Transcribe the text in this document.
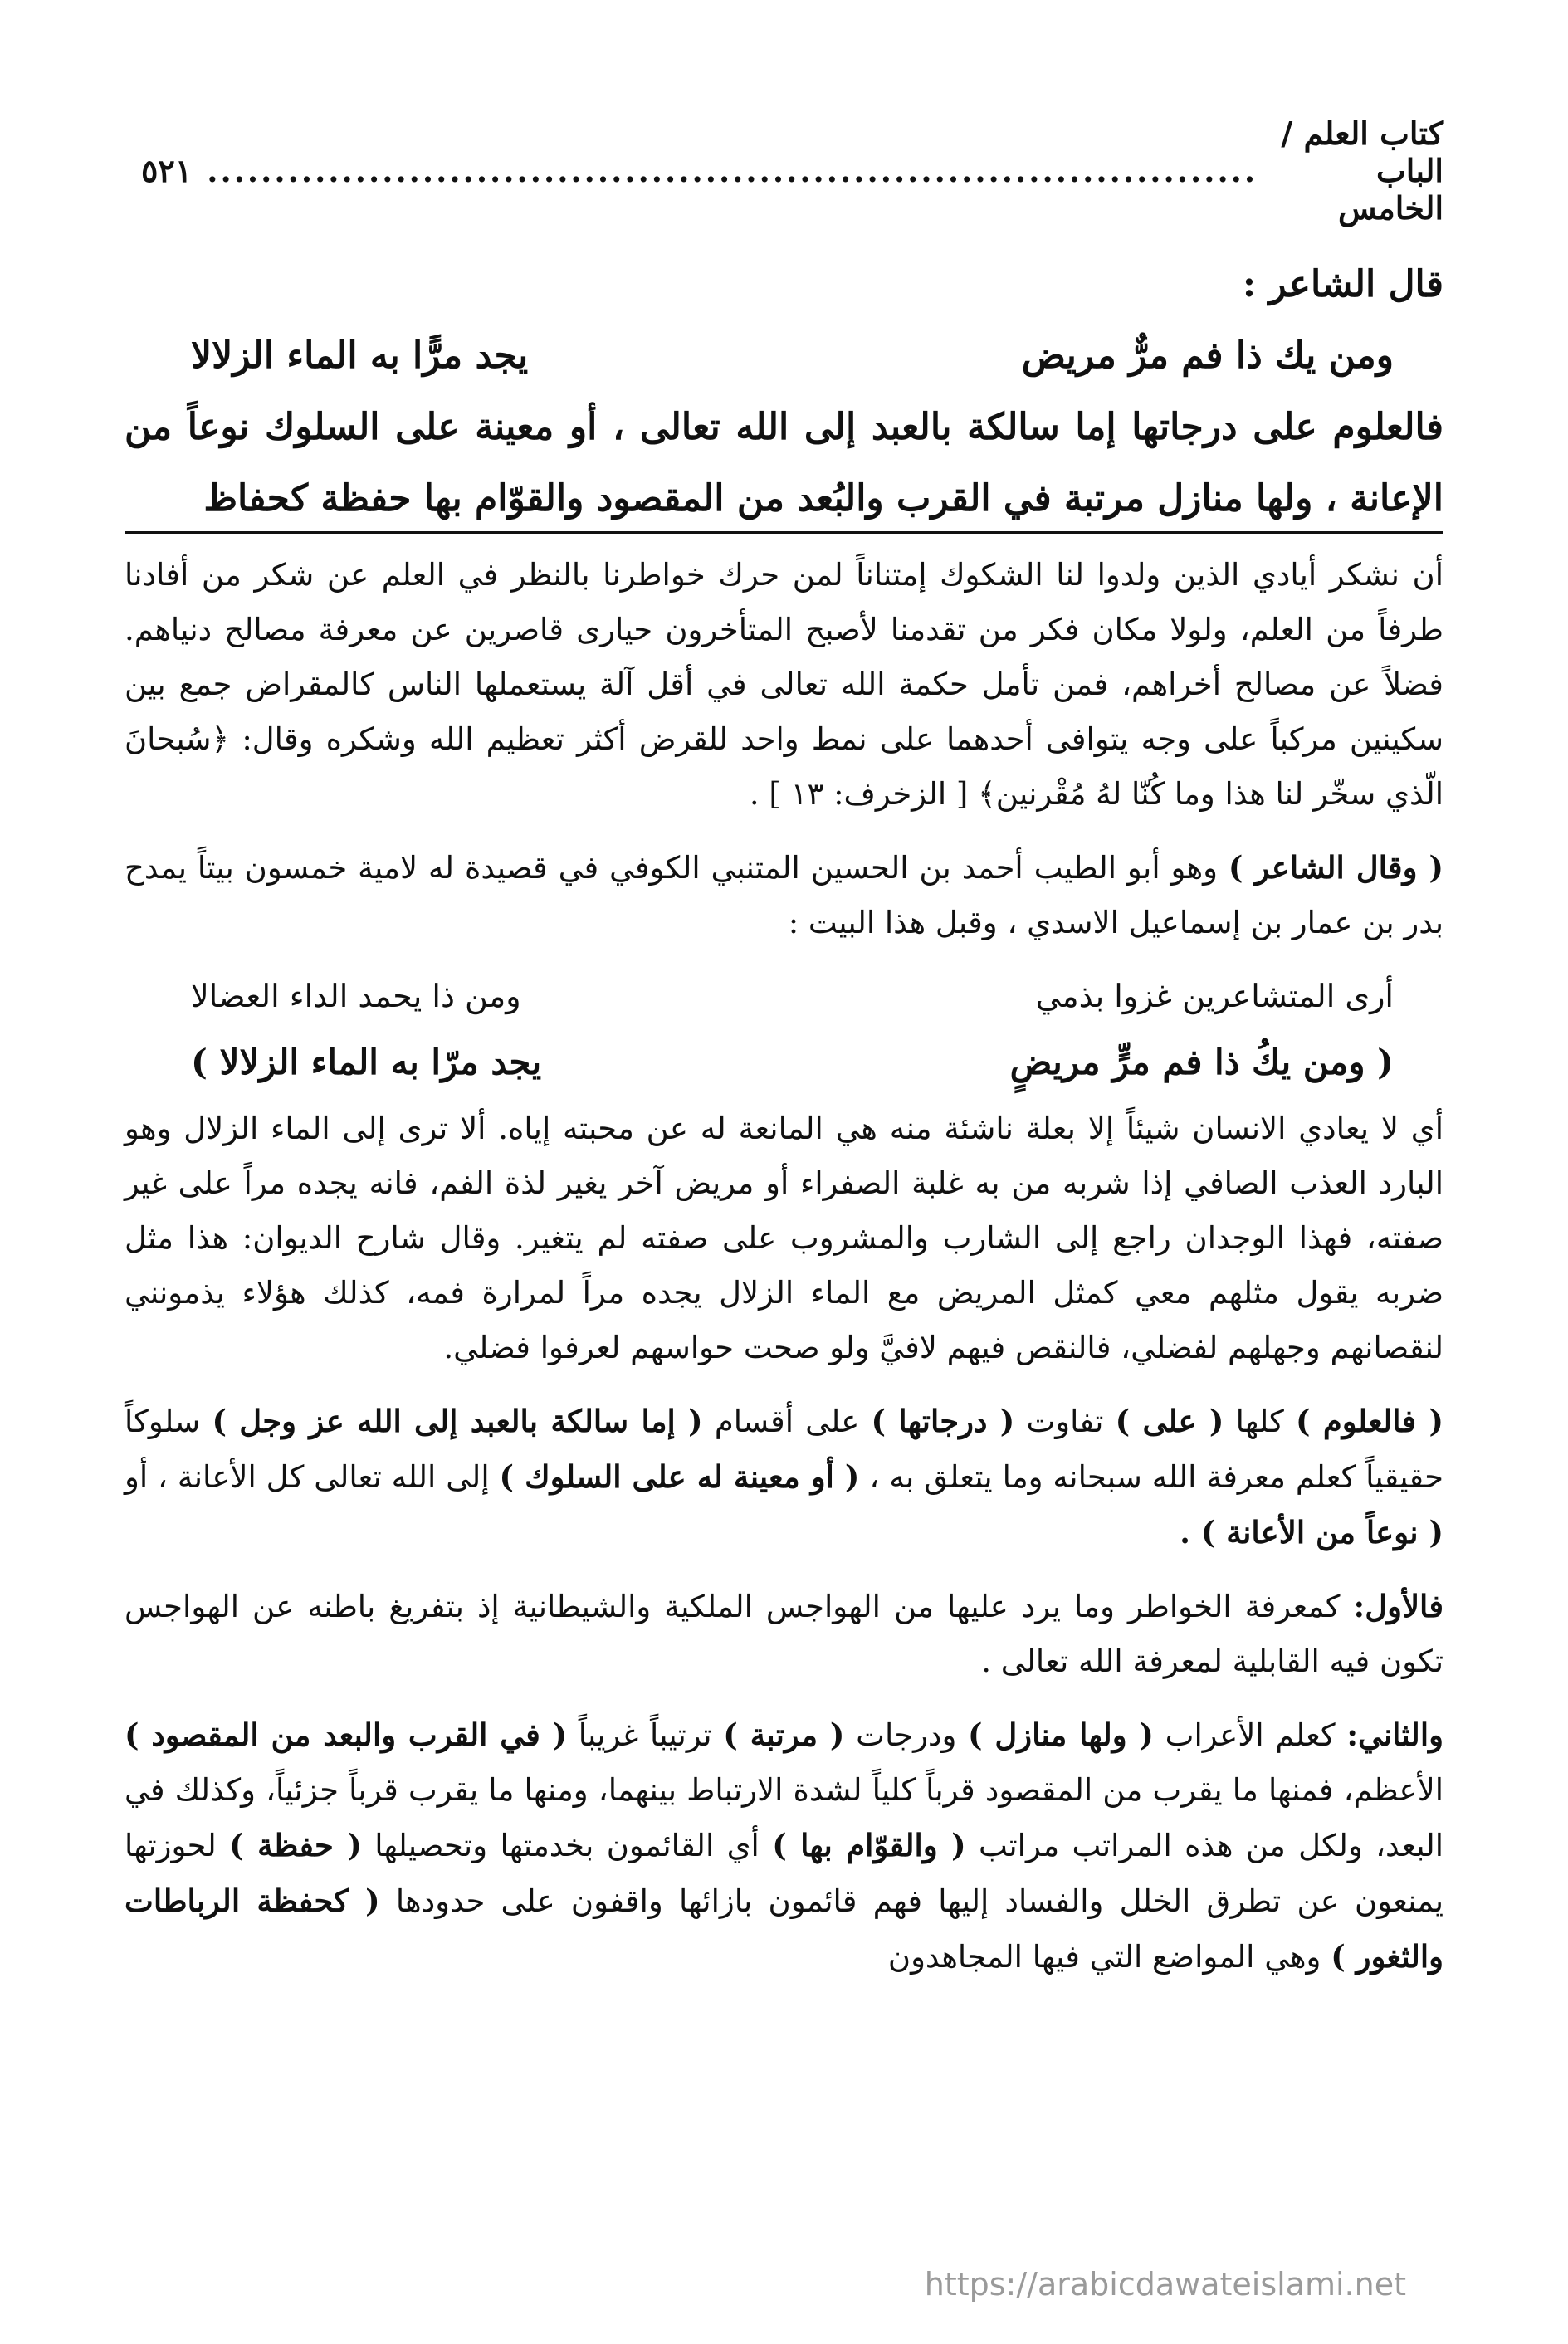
كتاب العلم / الباب الخامس
..............................................................................
٥٢١

قال الشاعر :

ومن يك ذا فم مرٌّ مريض
يجد مرًّا به الماء الزلالا

فالعلوم على درجاتها إما سالكة بالعبد إلى الله تعالى ، أو معينة على السلوك نوعاً من الإعانة ، ولها منازل مرتبة في القرب والبُعد من المقصود والقوّام بها حفظة كحفاظ

أن نشكر أيادي الذين ولدوا لنا الشكوك إمتناناً لمن حرك خواطرنا بالنظر في العلم عن شكر من أفادنا طرفاً من العلم، ولولا مكان فكر من تقدمنا لأصبح المتأخرون حيارى قاصرين عن معرفة مصالح دنياهم. فضلاً عن مصالح أخراهم، فمن تأمل حكمة الله تعالى في أقل آلة يستعملها الناس كالمقراض جمع بين سكينين مركباً على وجه يتوافى أحدهما على نمط واحد للقرض أكثر تعظيم الله وشكره وقال: ﴿سُبحانَ الّذي سخّر لنا هذا وما كُنّا لهُ مُقْرنين﴾ [ الزخرف: ١٣ ] .

( وقال الشاعر ) وهو أبو الطيب أحمد بن الحسين المتنبي الكوفي في قصيدة له لامية خمسون بيتاً يمدح بدر بن عمار بن إسماعيل الاسدي ، وقبل هذا البيت :

أرى المتشاعرين غزوا بذمي
ومن ذا يحمد الداء العضالا
( ومن يكُ ذا فم مرٍّ مريضٍ
يجد مرّا به الماء الزلالا )

أي لا يعادي الانسان شيئاً إلا بعلة ناشئة منه هي المانعة له عن محبته إياه. ألا ترى إلى الماء الزلال وهو البارد العذب الصافي إذا شربه من به غلبة الصفراء أو مريض آخر يغير لذة الفم، فانه يجده مراً على غير صفته، فهذا الوجدان راجع إلى الشارب والمشروب على صفته لم يتغير. وقال شارح الديوان: هذا مثل ضربه يقول مثلهم معي كمثل المريض مع الماء الزلال يجده مراً لمرارة فمه، كذلك هؤلاء يذمونني لنقصانهم وجهلهم لفضلي، فالنقص فيهم لافيَّ ولو صحت حواسهم لعرفوا فضلي.

( فالعلوم ) كلها ( على ) تفاوت ( درجاتها ) على أقسام ( إما سالكة بالعبد إلى الله عز وجل ) سلوكاً حقيقياً كعلم معرفة الله سبحانه وما يتعلق به ، ( أو معينة له على السلوك ) إلى الله تعالى كل الأعانة ، أو ( نوعاً من الأعانة ) .

فالأول: كمعرفة الخواطر وما يرد عليها من الهواجس الملكية والشيطانية إذ بتفريغ باطنه عن الهواجس تكون فيه القابلية لمعرفة الله تعالى .

والثاني: كعلم الأعراب ( ولها منازل ) ودرجات ( مرتبة ) ترتيباً غريباً ( في القرب والبعد من المقصود ) الأعظم، فمنها ما يقرب من المقصود قرباً كلياً لشدة الارتباط بينهما، ومنها ما يقرب قرباً جزئياً، وكذلك في البعد، ولكل من هذه المراتب مراتب ( والقوّام بها ) أي القائمون بخدمتها وتحصيلها ( حفظة ) لحوزتها يمنعون عن تطرق الخلل والفساد إليها فهم قائمون بازائها واقفون على حدودها ( كحفظة الرباطات والثغور ) وهي المواضع التي فيها المجاهدون

https://arabicdawateislami.net
